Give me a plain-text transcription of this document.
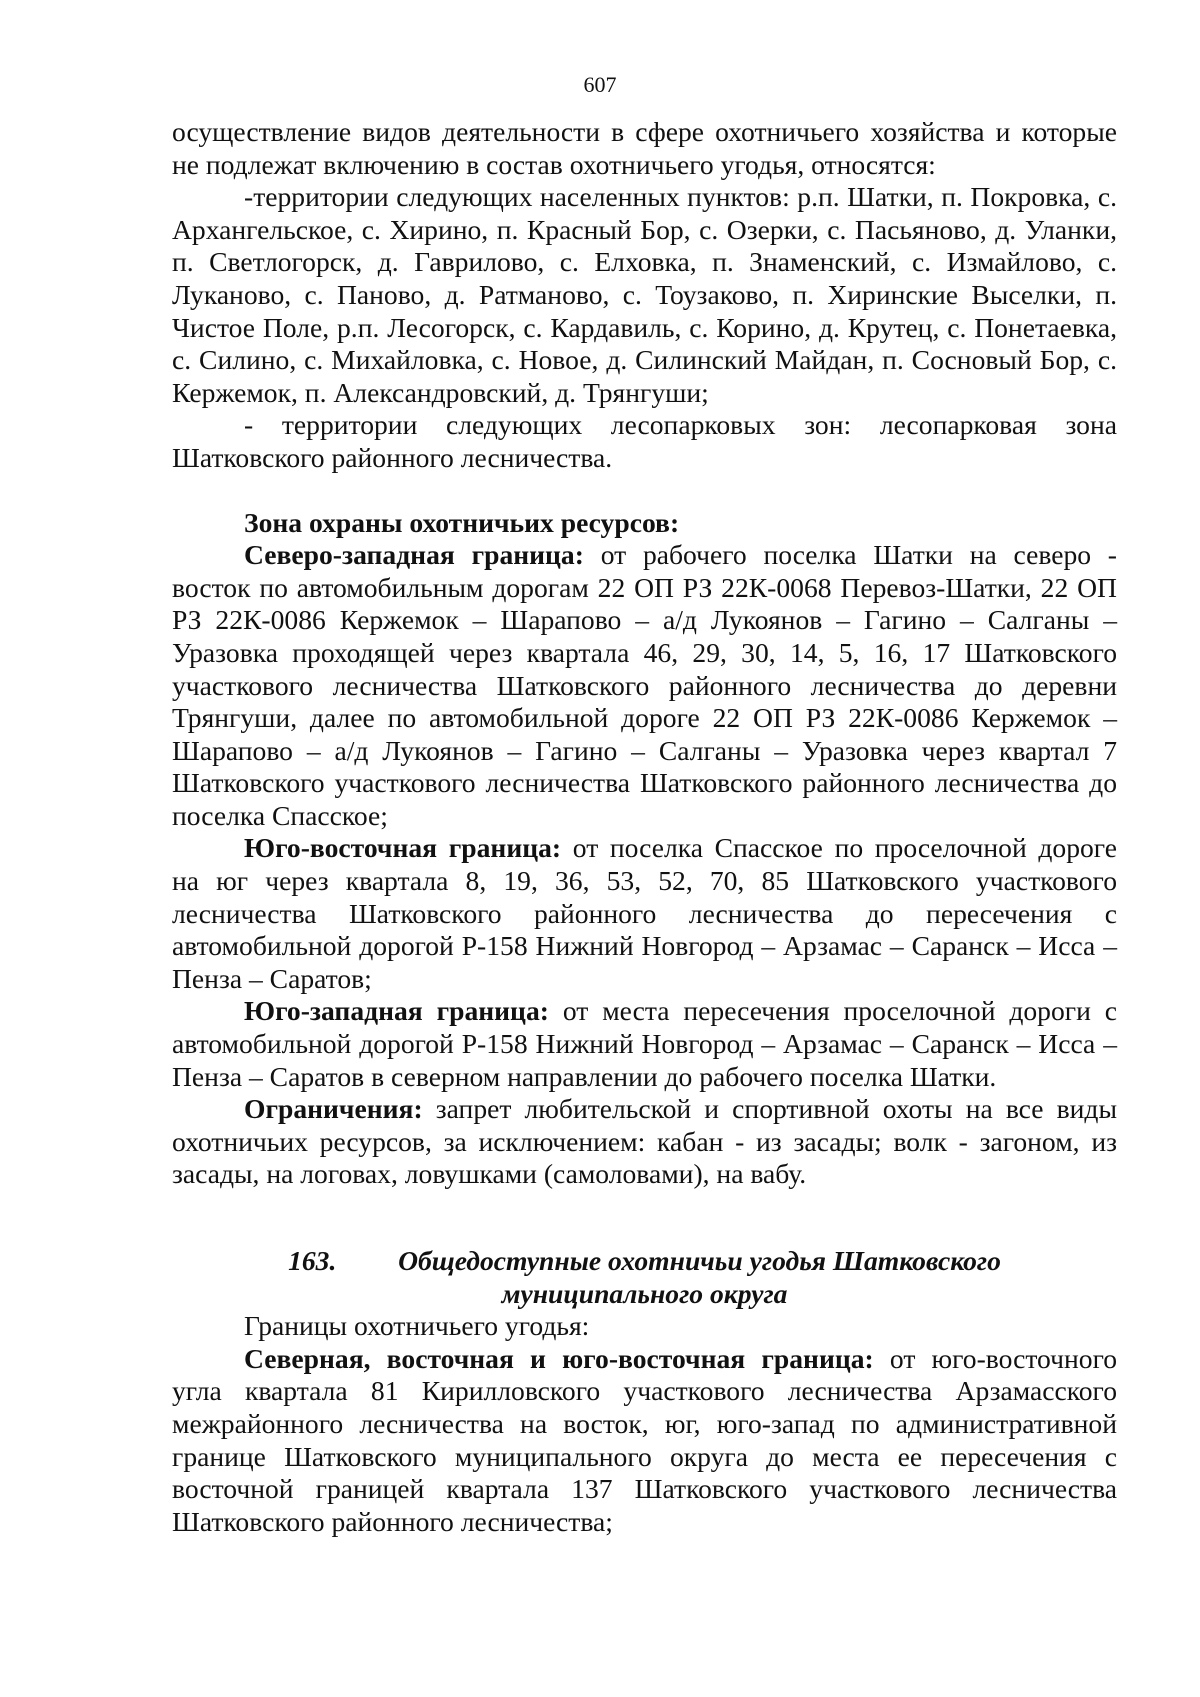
607

осуществление видов деятельности в сфере охотничьего хозяйства и которые не подлежат включению в состав охотничьего угодья, относятся:

-территории следующих населенных пунктов: р.п. Шатки, п. Покровка, с. Архангельское, с. Хирино, п. Красный Бор, с. Озерки, с. Пасьяново, д. Уланки, п. Светлогорск, д. Гаврилово, с. Елховка, п. Знаменский, с. Измайлово, с. Луканово, с. Паново, д. Ратманово, с. Тоузаково, п. Хиринские Выселки, п. Чистое Поле, р.п. Лесогорск, с. Кардавиль, с. Корино, д. Крутец, с. Понетаевка, с. Силино, с. Михайловка, с. Новое, д. Силинский Майдан, п. Сосновый Бор, с. Кержемок, п. Александровский, д. Трянгуши;

- территории следующих лесопарковых зон: лесопарковая зона Шатковского районного лесничества.

Зона охраны охотничьих ресурсов:

Северо-западная граница: от рабочего поселка Шатки на северо - восток по автомобильным дорогам 22 ОП РЗ 22К-0068 Перевоз-Шатки, 22 ОП РЗ 22К-0086 Кержемок – Шарапово – а/д Лукоянов – Гагино – Салганы – Уразовка проходящей через квартала 46, 29, 30, 14, 5, 16, 17 Шатковского участкового лесничества Шатковского районного лесничества до деревни Трянгуши, далее по автомобильной дороге 22 ОП РЗ 22К-0086 Кержемок – Шарапово – а/д Лукоянов – Гагино – Салганы – Уразовка через квартал 7 Шатковского участкового лесничества Шатковского районного лесничества до поселка Спасское;

Юго-восточная граница: от поселка Спасское по проселочной дороге на юг через квартала 8, 19, 36, 53, 52, 70, 85 Шатковского участкового лесничества Шатковского районного лесничества до пересечения с автомобильной дорогой Р-158 Нижний Новгород – Арзамас – Саранск – Исса – Пенза – Саратов;

Юго-западная граница: от места пересечения проселочной дороги с автомобильной дорогой Р-158 Нижний Новгород – Арзамас – Саранск – Исса – Пенза – Саратов в северном направлении до рабочего поселка Шатки.

Ограничения: запрет любительской и спортивной охоты на все виды охотничьих ресурсов, за исключением: кабан - из засады; волк - загоном, из засады, на логовах, ловушками (самоловами), на вабу.

163. Общедоступные охотничьи угодья Шатковского
муниципального округа

Границы охотничьего угодья:

Северная, восточная и юго-восточная граница: от юго-восточного угла квартала 81 Кирилловского участкового лесничества Арзамасского межрайонного лесничества на восток, юг, юго-запад по административной границе Шатковского муниципального округа до места ее пересечения с восточной границей квартала 137 Шатковского участкового лесничества Шатковского районного лесничества;
